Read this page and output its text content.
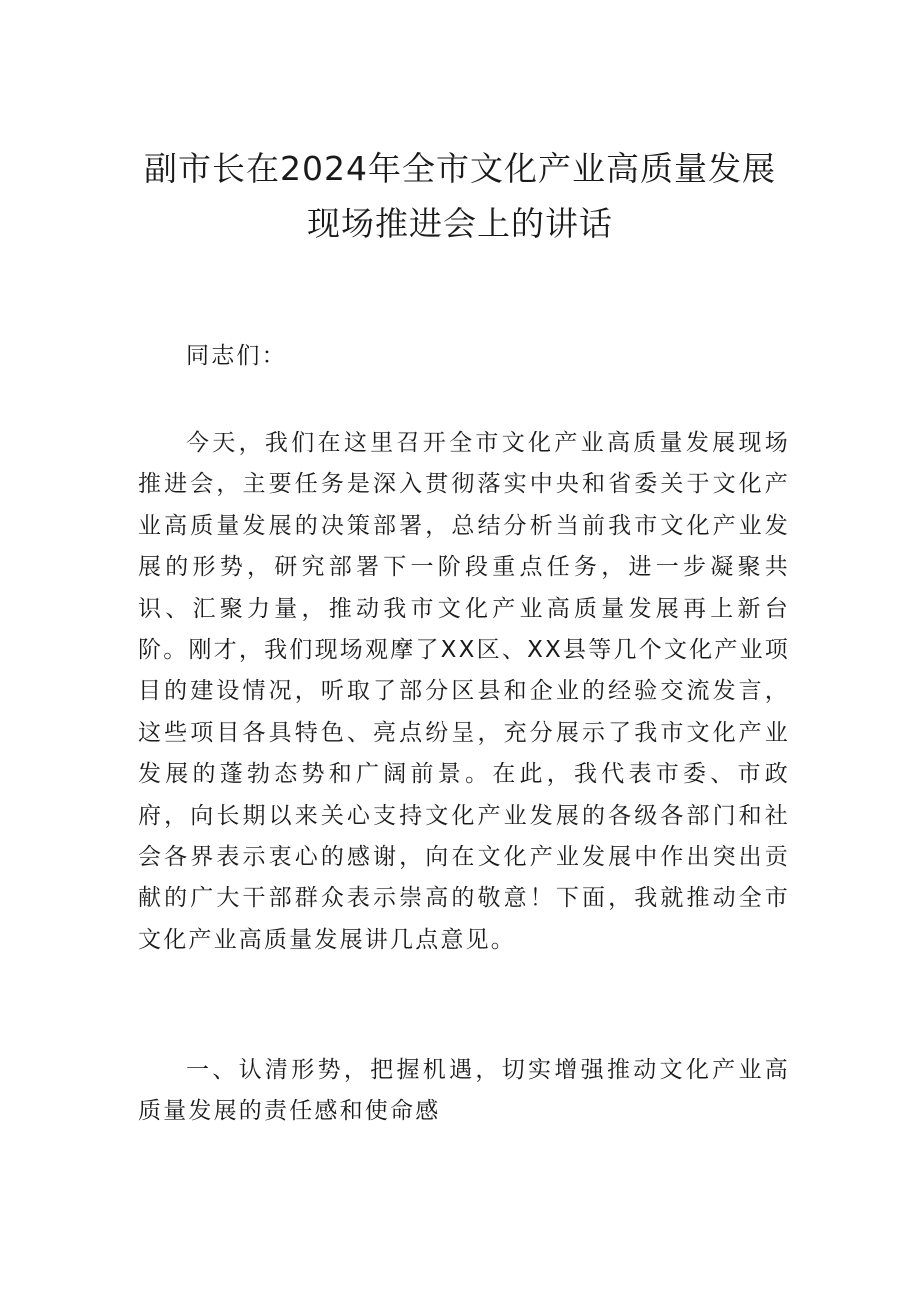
副市长在2024年全市文化产业高质量发展
现场推进会上的讲话

同志们：

今天，我们在这里召开全市文化产业高质量发展现场推进会，主要任务是深入贯彻落实中央和省委关于文化产业高质量发展的决策部署，总结分析当前我市文化产业发展的形势，研究部署下一阶段重点任务，进一步凝聚共识、汇聚力量，推动我市文化产业高质量发展再上新台阶。刚才，我们现场观摩了XX区、XX县等几个文化产业项目的建设情况，听取了部分区县和企业的经验交流发言，这些项目各具特色、亮点纷呈，充分展示了我市文化产业发展的蓬勃态势和广阔前景。在此，我代表市委、市政府，向长期以来关心支持文化产业发展的各级各部门和社会各界表示衷心的感谢，向在文化产业发展中作出突出贡献的广大干部群众表示崇高的敬意！下面，我就推动全市文化产业高质量发展讲几点意见。

一、认清形势，把握机遇，切实增强推动文化产业高质量发展的责任感和使命感
